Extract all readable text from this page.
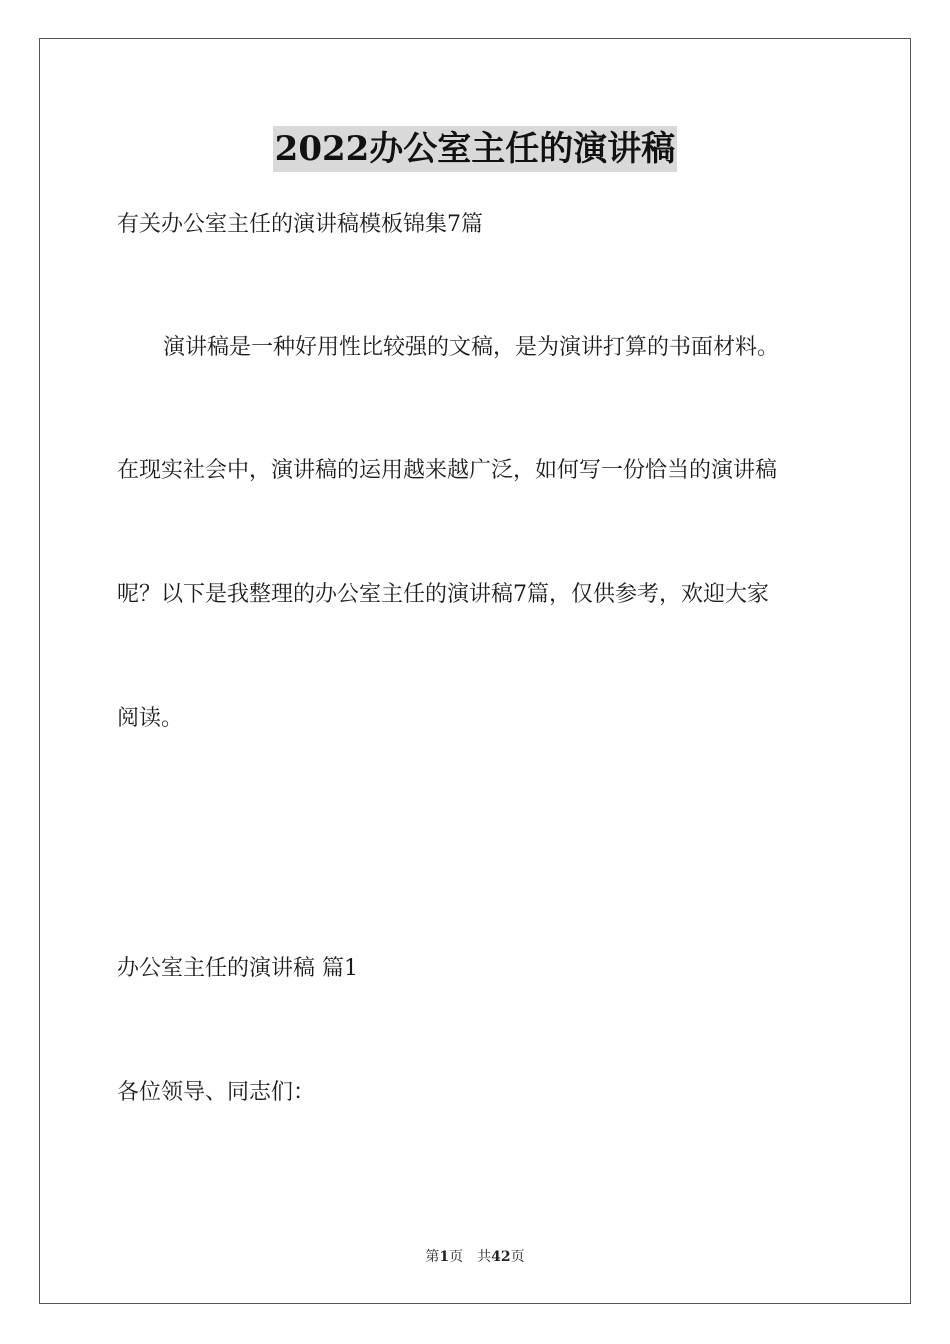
2022办公室主任的演讲稿
有关办公室主任的演讲稿模板锦集7篇
演讲稿是一种好用性比较强的文稿，是为演讲打算的书面材料。
在现实社会中，演讲稿的运用越来越广泛，如何写一份恰当的演讲稿
呢？以下是我整理的办公室主任的演讲稿7篇，仅供参考，欢迎大家
阅读。
办公室主任的演讲稿 篇1
各位领导、同志们：
第1页 共42页
